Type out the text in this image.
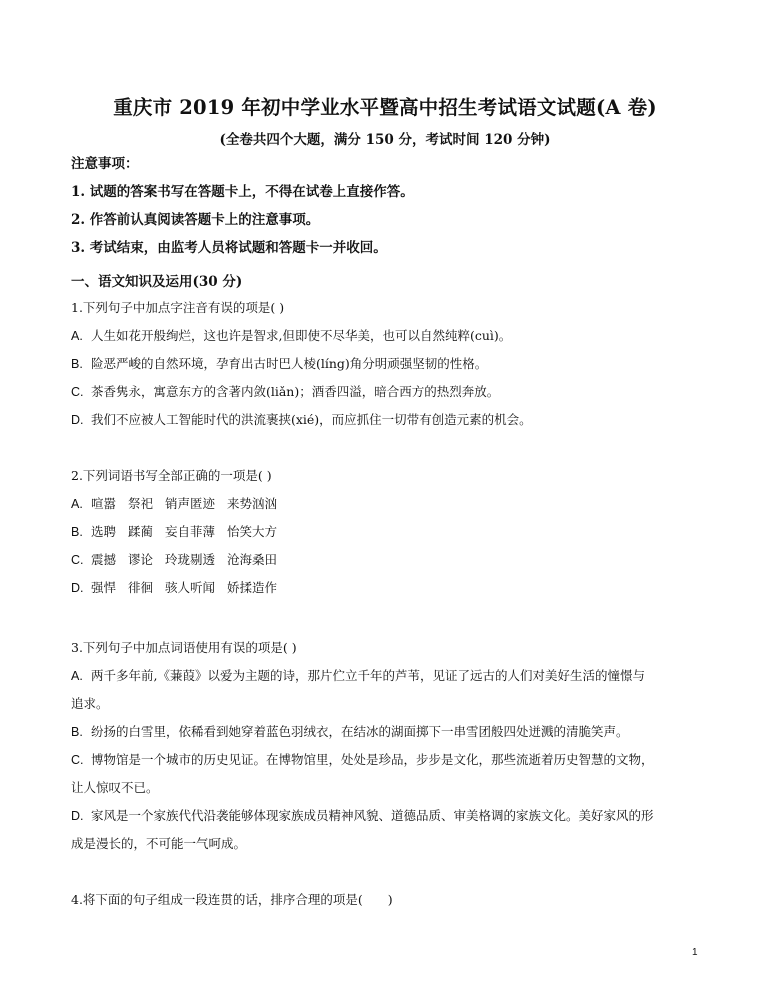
重庆市 2019 年初中学业水平暨高中招生考试语文试题(A 卷)
(全卷共四个大题，满分 150 分，考试时间 120 分钟)
注意事项：
1. 试题的答案书写在答题卡上，不得在试卷上直接作答。
2. 作答前认真阅读答题卡上的注意事项。
3. 考试结束，由监考人员将试题和答题卡一并收回。
一、语文知识及运用(30 分)
1.下列句子中加点字注音有误的项是( )
A. 人生如花开般绚烂，这也许是智求,但即使不尽华美，也可以自然纯粹(cuì)。
B. 险恶严峻的自然环境，孕育出古时巴人棱(líng)角分明顽强坚韧的性格。
C. 茶香隽永，寓意东方的含著内敛(liǎn)；酒香四溢，暗合西方的热烈奔放。
D. 我们不应被人工智能时代的洪流裹挟(xié)，而应抓住一切带有创造元素的机会。
2.下列词语书写全部正确的一项是( )
A. 喧嚣 祭祀 销声匿迹 来势汹汹
B. 选聘 蹂蔺 妄自菲薄 怡笑大方
C. 震撼 谬论 玲珑剔透 沧海桑田
D. 强悍 徘徊 骇人听闻 娇揉造作
3.下列句子中加点词语使用有误的项是( )
A. 两千多年前,《蒹葭》以爱为主题的诗，那片伫立千年的芦苇，见证了远古的人们对美好生活的憧憬与
追求。
B. 纷扬的白雪里，依稀看到她穿着蓝色羽绒衣，在结冰的湖面掷下一串雪团般四处迸溅的清脆笑声。
C. 博物馆是一个城市的历史见证。在博物馆里，处处是珍品，步步是文化，那些流逝着历史智慧的文物，
让人惊叹不已。
D. 家风是一个家族代代沿袭能够体现家族成员精神风貌、道德品质、审美格调的家族文化。美好家风的形
成是漫长的，不可能一气呵成。
4.将下面的句子组成一段连贯的话，排序合理的项是(　　)
1
